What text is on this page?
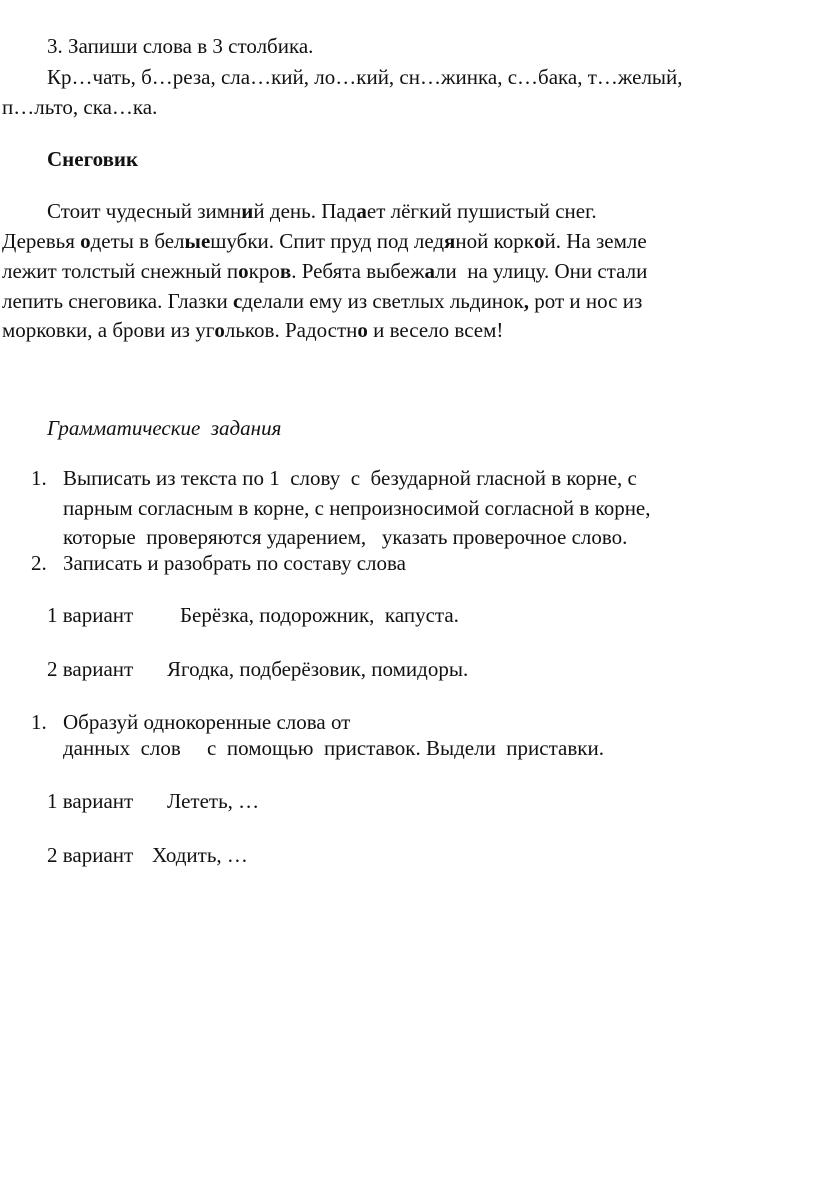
3. Запиши слова в 3 столбика.
Кр…чать, б…реза, сла…кий, ло…кий, сн…жинка, с…бака, т…желый,
п…льто, ска…ка.
Снеговик
Стоит чудесный зимний день. Падает лёгкий пушистый снег.
Деревья одеты в белыешубки. Спит пруд под ледяной коркой. На земле
лежит толстый снежный покров. Ребята выбежали  на улицу. Они стали
лепить снеговика. Глазки сделали ему из светлых льдинок, рот и нос из
морковки, а брови из угольков. Радостно и весело всем!
Грамматические  задания
1. Выписать из текста по 1  слову  с  безударной гласной в корне, с
парным согласным в корне, с непроизносимой согласной в корне,
которые  проверяются ударением,   указать проверочное слово.
2. Записать и разобрать по составу слова
1 вариант Берёзка, подорожник,  капуста.
2 вариант Ягодка, подберёзовик, помидоры.
1. Образуй однокоренные слова от
данных  слов     с  помощью  приставок. Выдели  приставки.
1 вариант Лететь, …
2 вариант Ходить, …
